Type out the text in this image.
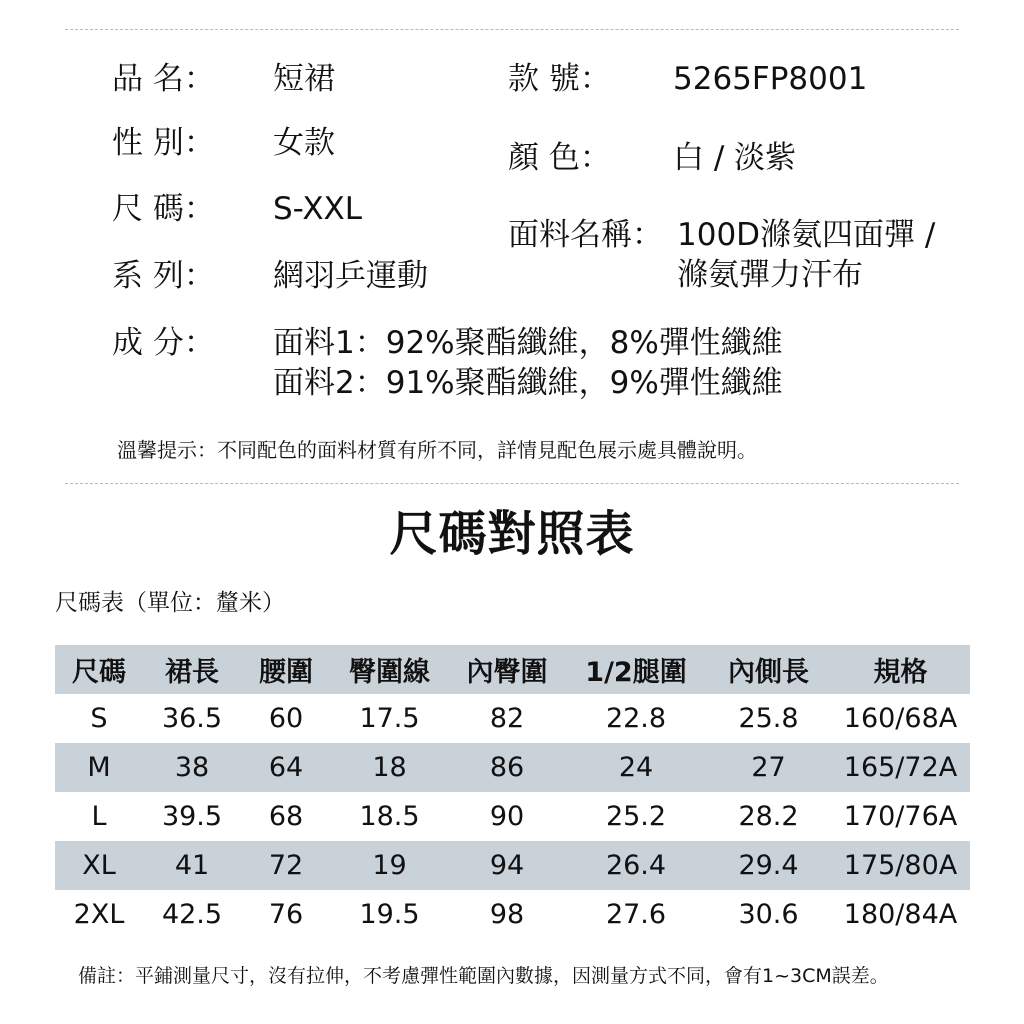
品 名：	短裙
性 別： 女款
尺 碼： S-XXL
系 列： 網羽乒運動
成 分： 面料1：92%聚酯纖維，8%彈性纖維
面料2：91%聚酯纖維，9%彈性纖維
款 號： 5265FP8001
顏 色： 白 / 淡紫
面料名稱： 100D滌氨四面彈 /
滌氨彈力汗布
溫馨提示：不同配色的面料材質有所不同，詳情見配色展示處具體說明。
尺碼對照表
尺碼表（單位：釐米）
尺碼	裙長	腰圍	臀圍線	內臀圍	1/2腿圍	內側長	規格
S	36.5	60	17.5	82	22.8	25.8	160/68A
M	38	64	18	86	24	27	165/72A
L	39.5	68	18.5	90	25.2	28.2	170/76A
XL	41	72	19	94	26.4	29.4	175/80A
2XL	42.5	76	19.5	98	27.6	30.6	180/84A
備註：平鋪測量尺寸，沒有拉伸，不考慮彈性範圍內數據，因測量方式不同，會有1~3CM誤差。
